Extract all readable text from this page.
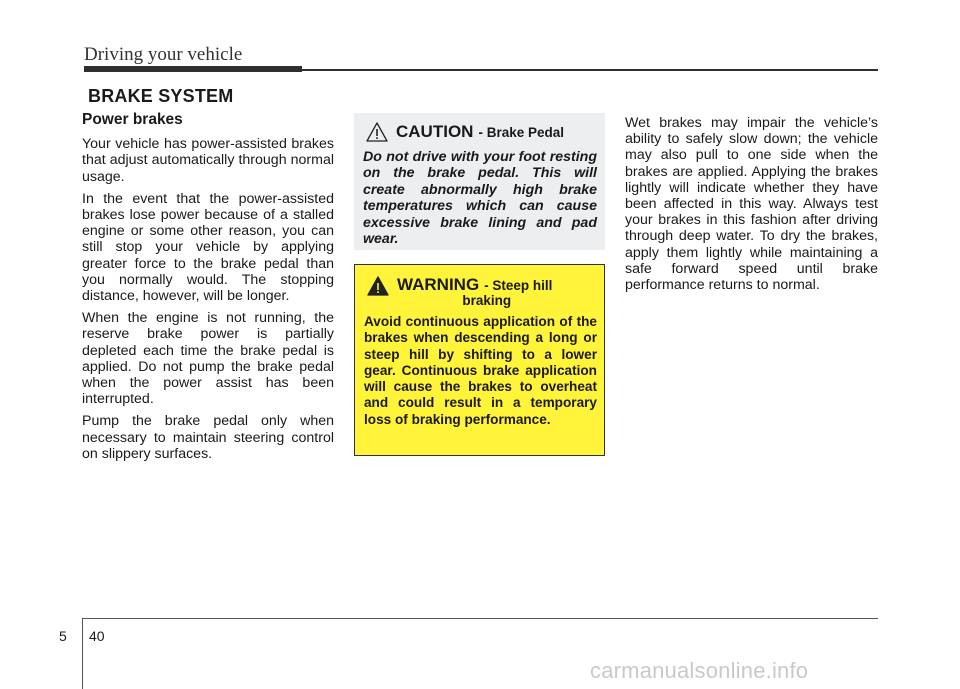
Driving your vehicle
BRAKE SYSTEM
Power brakes

Your vehicle has power-assisted brakes that adjust automatically through normal usage.

In the event that the power-assisted brakes lose power because of a stalled engine or some other reason, you can still stop your vehicle by applying greater force to the brake pedal than you normally would. The stopping distance, however, will be longer.

When the engine is not running, the reserve brake power is partially depleted each time the brake pedal is applied. Do not pump the brake pedal when the power assist has been interrupted.

Pump the brake pedal only when necessary to maintain steering control on slippery surfaces.

CAUTION - Brake Pedal

Do not drive with your foot resting on the brake pedal. This will create abnormally high brake temperatures which can cause excessive brake lining and pad wear.

WARNING - Steep hill
braking

Avoid continuous application of the brakes when descending a long or steep hill by shifting to a lower gear. Continuous brake application will cause the brakes to overheat and could result in a temporary loss of braking performance.

Wet brakes may impair the vehicle’s ability to safely slow down; the vehicle may also pull to one side when the brakes are applied. Applying the brakes lightly will indicate whether they have been affected in this way. Always test your brakes in this fashion after driving through deep water. To dry the brakes, apply them lightly while maintaining a safe forward speed until brake performance returns to normal.

5 40
carmanualsonline.info
